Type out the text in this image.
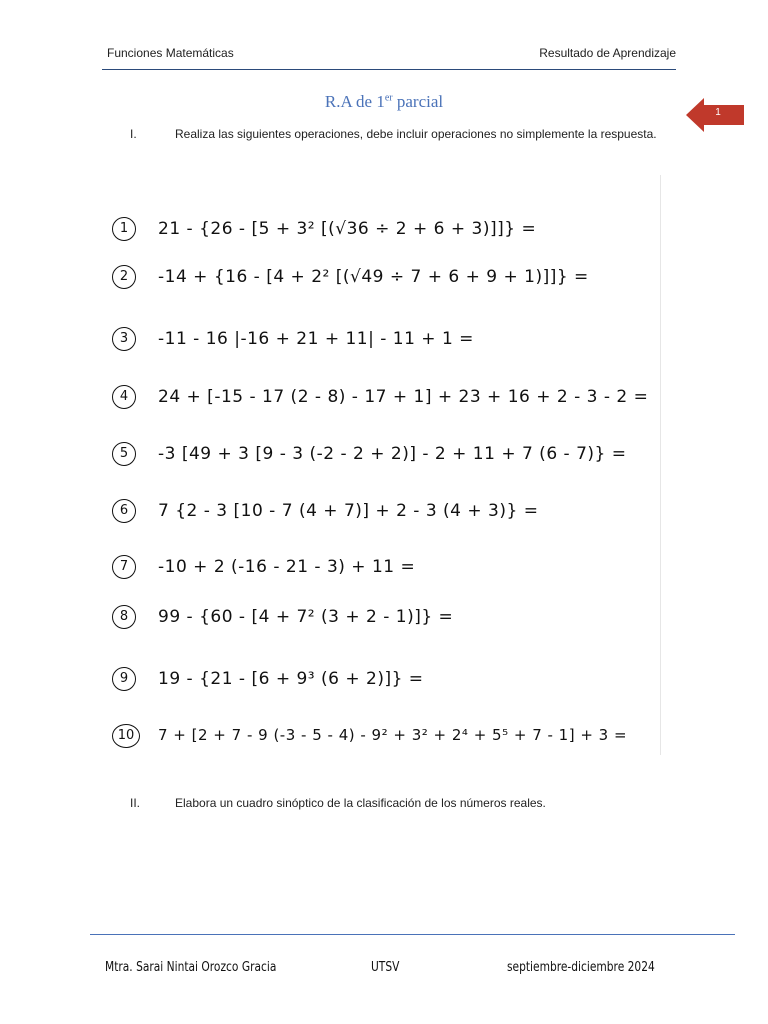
Funciones Matemáticas	Resultado de Aprendizaje
R.A de 1er parcial
1
I.	Realiza las siguientes operaciones, debe incluir operaciones no simplemente la respuesta.
1	21 - {26 - [5 + 3² [(√36 ÷ 2 + 6 + 3)]]} =
2	-14 + {16 - [4 + 2² [(√49 ÷ 7 + 6 + 9 + 1)]]} =
3	-11 - 16 |-16 + 21 + 11| - 11 + 1 =
4	24 + [-15 - 17 (2 - 8) - 17 + 1] + 23 + 16 + 2 - 3 - 2 =
5	-3 [49 + 3 [9 - 3 (-2 - 2 + 2)] - 2 + 11 + 7 (6 - 7)} =
6	7 {2 - 3 [10 - 7 (4 + 7)] + 2 - 3 (4 + 3)} =
7	-10 + 2 (-16 - 21 - 3) + 11 =
8	99 - {60 - [4 + 7² (3 + 2 - 1)]} =
9	19 - {21 - [6 + 9³ (6 + 2)]} =
10	7 + [2 + 7 - 9 (-3 - 5 - 4) - 9² + 3² + 2⁴ + 5⁵ + 7 - 1] + 3 =
II.	Elabora un cuadro sinóptico de la clasificación de los números reales.
Mtra. Sarai Nintai Orozco Gracia	UTSV	septiembre-diciembre 2024
